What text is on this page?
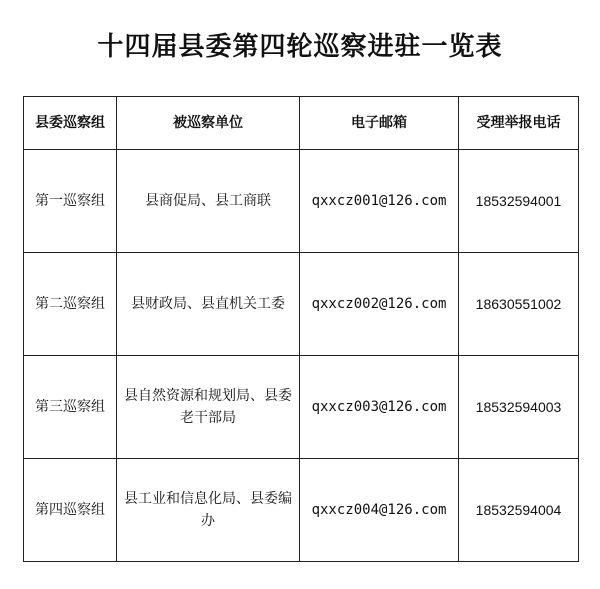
十四届县委第四轮巡察进驻一览表
县委巡察组	被巡察单位	电子邮箱	受理举报电话
第一巡察组	县商促局、县工商联	qxxcz001@126.com	18532594001
第二巡察组	县财政局、县直机关工委	qxxcz002@126.com	18630551002
第三巡察组	县自然资源和规划局、县委老干部局	qxxcz003@126.com	18532594003
第四巡察组	县工业和信息化局、县委编办	qxxcz004@126.com	18532594004
